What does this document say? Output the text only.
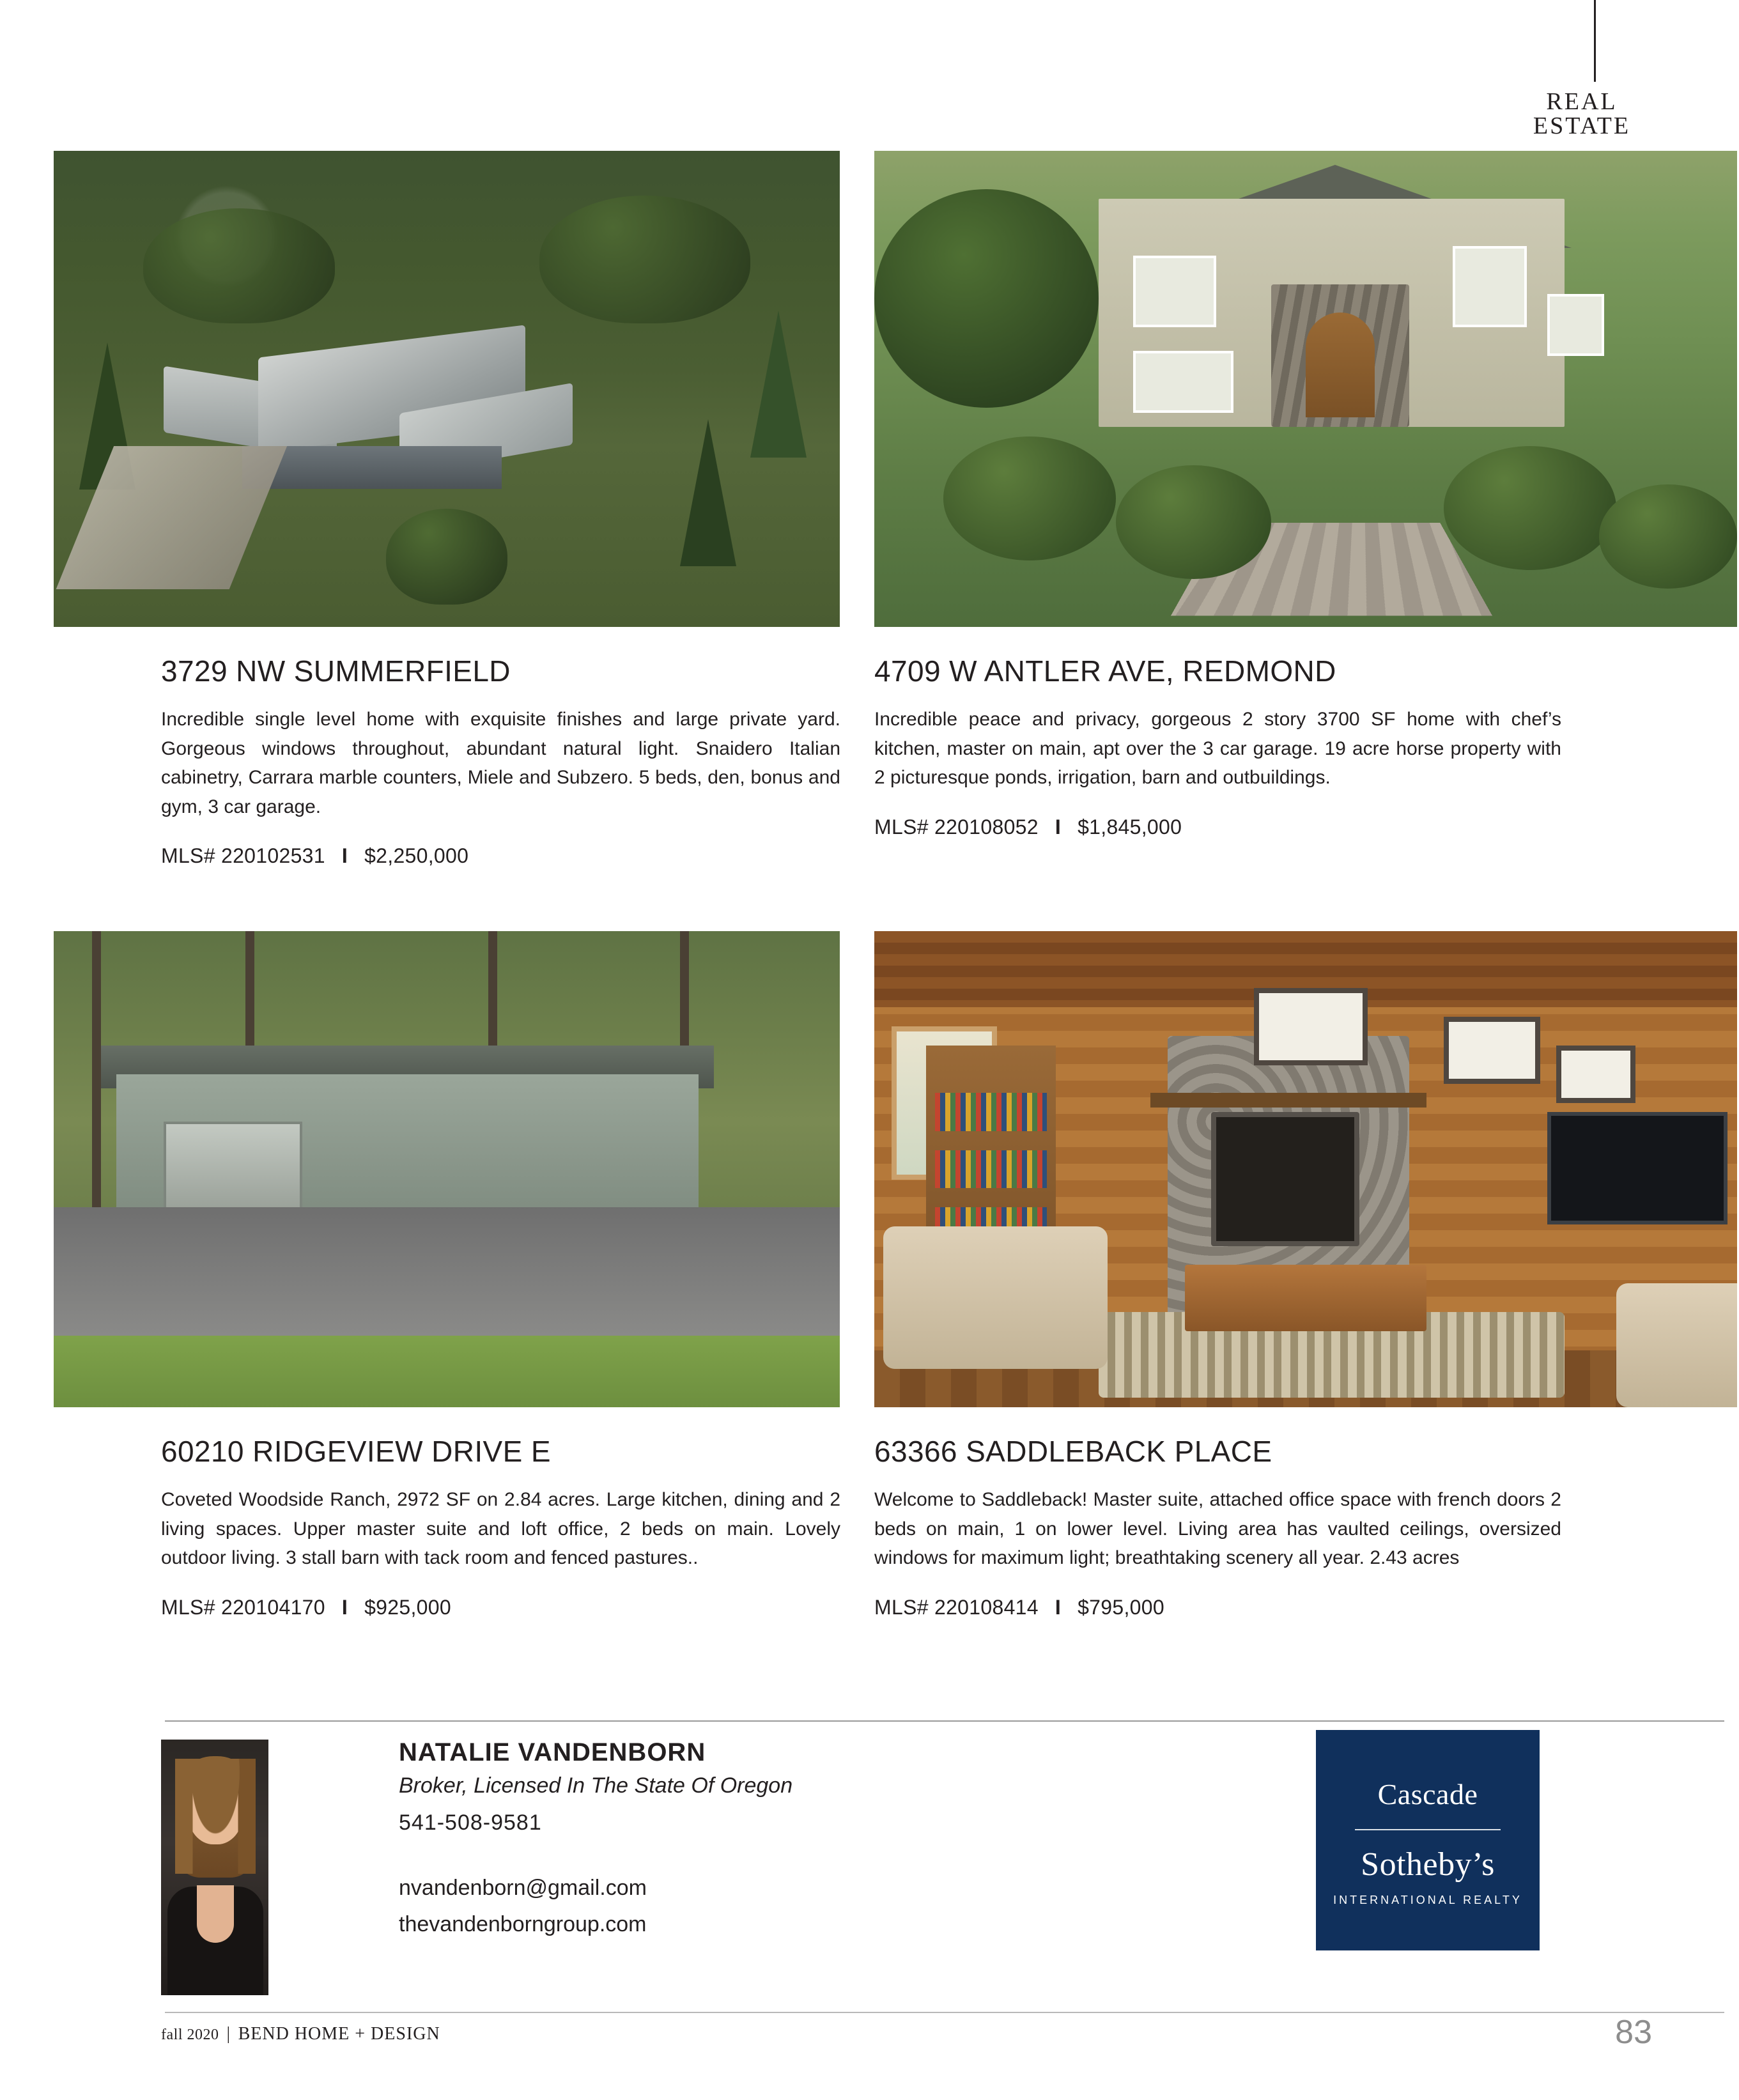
REAL
ESTATE
3729 NW SUMMERFIELD
Incredible single level home with exquisite finishes and large private yard. Gorgeous windows throughout, abundant natural light. Snaidero Italian cabinetry, Carrara marble counters, Miele and Subzero. 5 beds, den, bonus and gym, 3 car garage.
MLS# 220102531 I $2,250,000
4709 W ANTLER AVE, REDMOND
Incredible peace and privacy, gorgeous 2 story 3700 SF home with chef’s kitchen, master on main, apt over the 3 car garage. 19 acre horse property with 2 picturesque ponds, irrigation, barn and outbuildings.
MLS# 220108052 I $1,845,000
60210 RIDGEVIEW DRIVE E
Coveted Woodside Ranch, 2972 SF on 2.84 acres. Large kitchen, dining and 2 living spaces. Upper master suite and loft office, 2 beds on main. Lovely outdoor living. 3 stall barn with tack room and fenced pastures..
MLS# 220104170 I $925,000
63366 SADDLEBACK PLACE
Welcome to Saddleback! Master suite, attached office space with french doors 2 beds on main, 1 on lower level. Living area has vaulted ceilings, oversized windows for maximum light; breathtaking scenery all year. 2.43 acres
MLS# 220108414 I $795,000
NATALIE VANDENBORN
Broker, Licensed In The State Of Oregon
541-508-9581
nvandenborn@gmail.com
thevandenborngroup.com
Cascade
Sotheby’s
INTERNATIONAL REALTY
fall 2020 | BEND HOME + DESIGN	83
